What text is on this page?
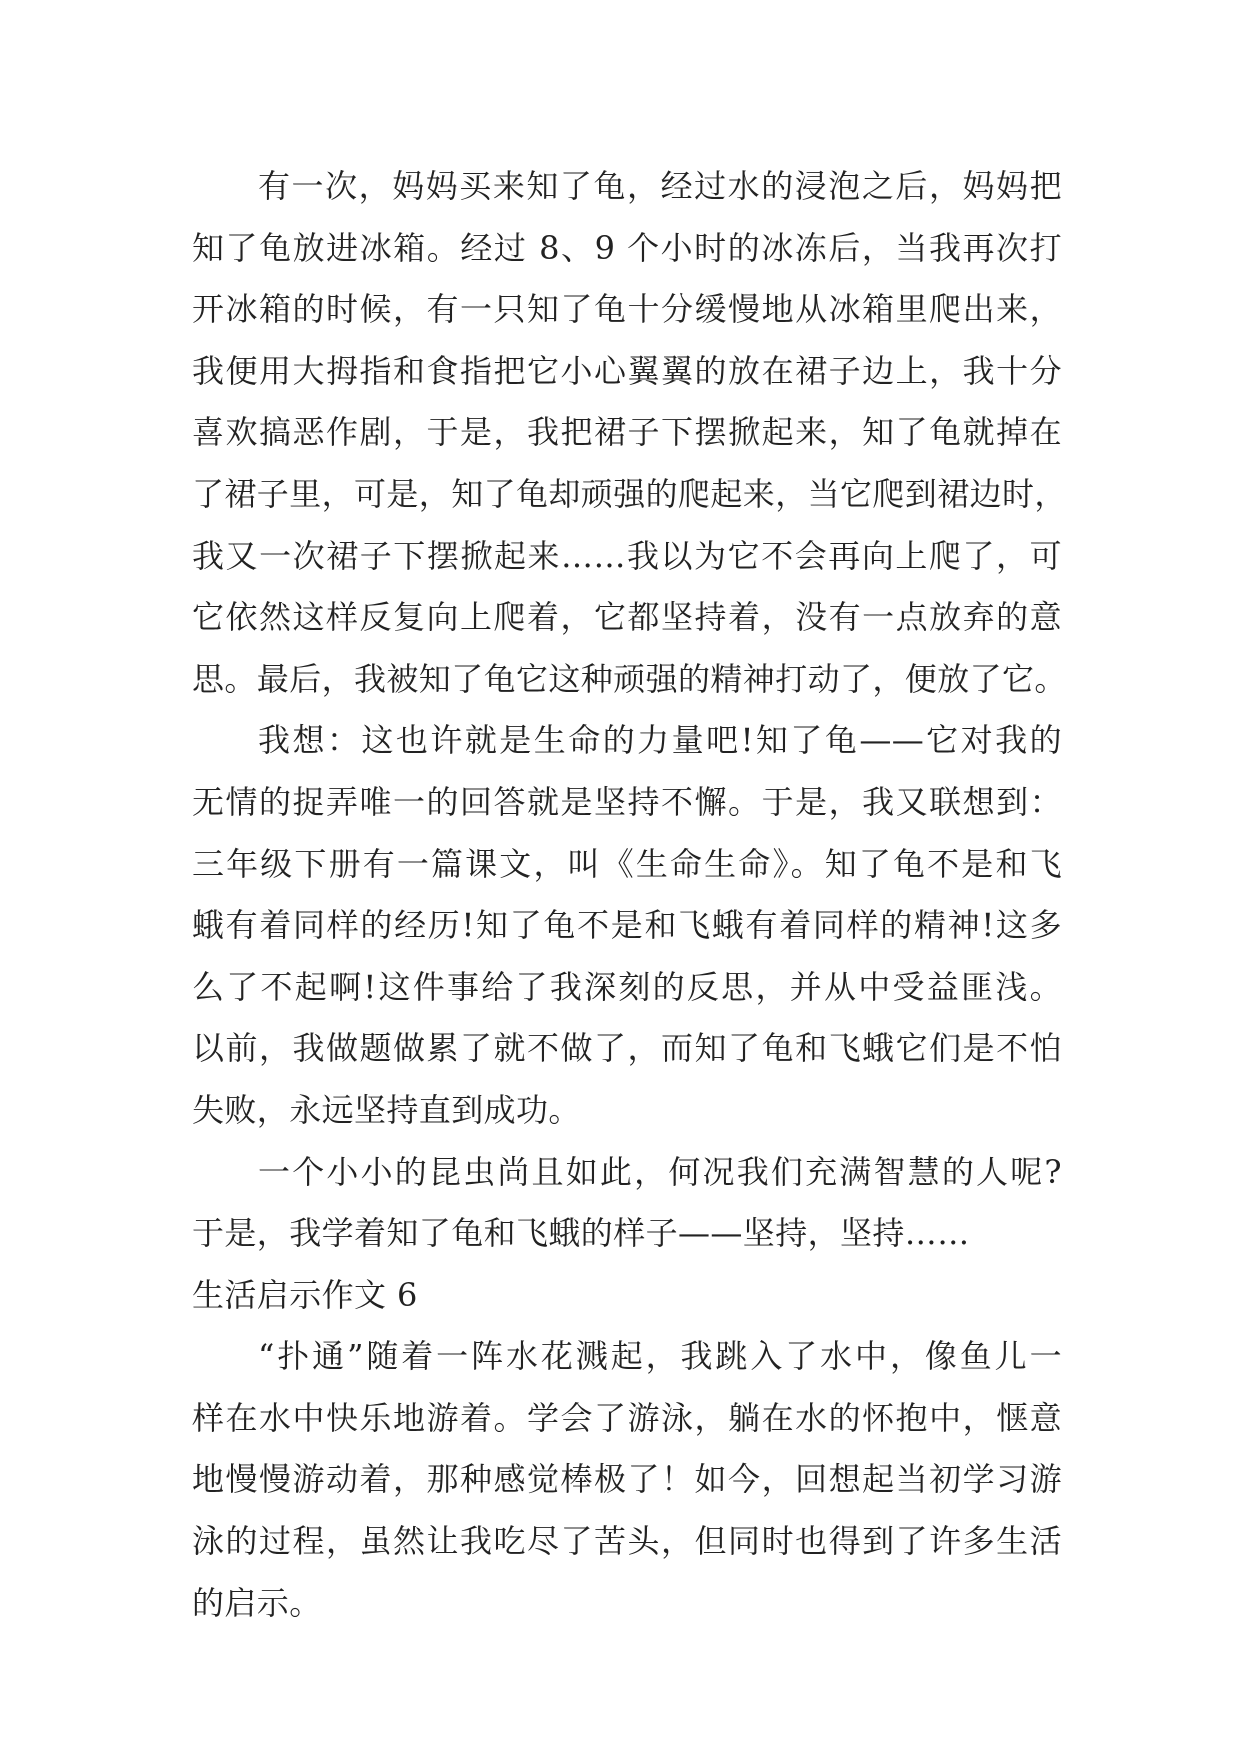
有一次，妈妈买来知了龟，经过水的浸泡之后，妈妈把
知了龟放进冰箱。经过 8、9 个小时的冰冻后，当我再次打
开冰箱的时候，有一只知了龟十分缓慢地从冰箱里爬出来，
我便用大拇指和食指把它小心翼翼的放在裙子边上，我十分
喜欢搞恶作剧，于是，我把裙子下摆掀起来，知了龟就掉在
了裙子里，可是，知了龟却顽强的爬起来，当它爬到裙边时，
我又一次裙子下摆掀起来……我以为它不会再向上爬了，可
它依然这样反复向上爬着，它都坚持着，没有一点放弃的意
思。最后，我被知了龟它这种顽强的精神打动了，便放了它。
我想：这也许就是生命的力量吧!知了龟——它对我的
无情的捉弄唯一的回答就是坚持不懈。于是，我又联想到：
三年级下册有一篇课文，叫《生命生命》。知了龟不是和飞
蛾有着同样的经历!知了龟不是和飞蛾有着同样的精神!这多
么了不起啊!这件事给了我深刻的反思，并从中受益匪浅。
以前，我做题做累了就不做了，而知了龟和飞蛾它们是不怕
失败，永远坚持直到成功。
一个小小的昆虫尚且如此，何况我们充满智慧的人呢?
于是，我学着知了龟和飞蛾的样子——坚持，坚持……
生活启示作文 6
“扑通”随着一阵水花溅起，我跳入了水中，像鱼儿一
样在水中快乐地游着。学会了游泳，躺在水的怀抱中，惬意
地慢慢游动着，那种感觉棒极了！如今，回想起当初学习游
泳的过程，虽然让我吃尽了苦头，但同时也得到了许多生活
的启示。
